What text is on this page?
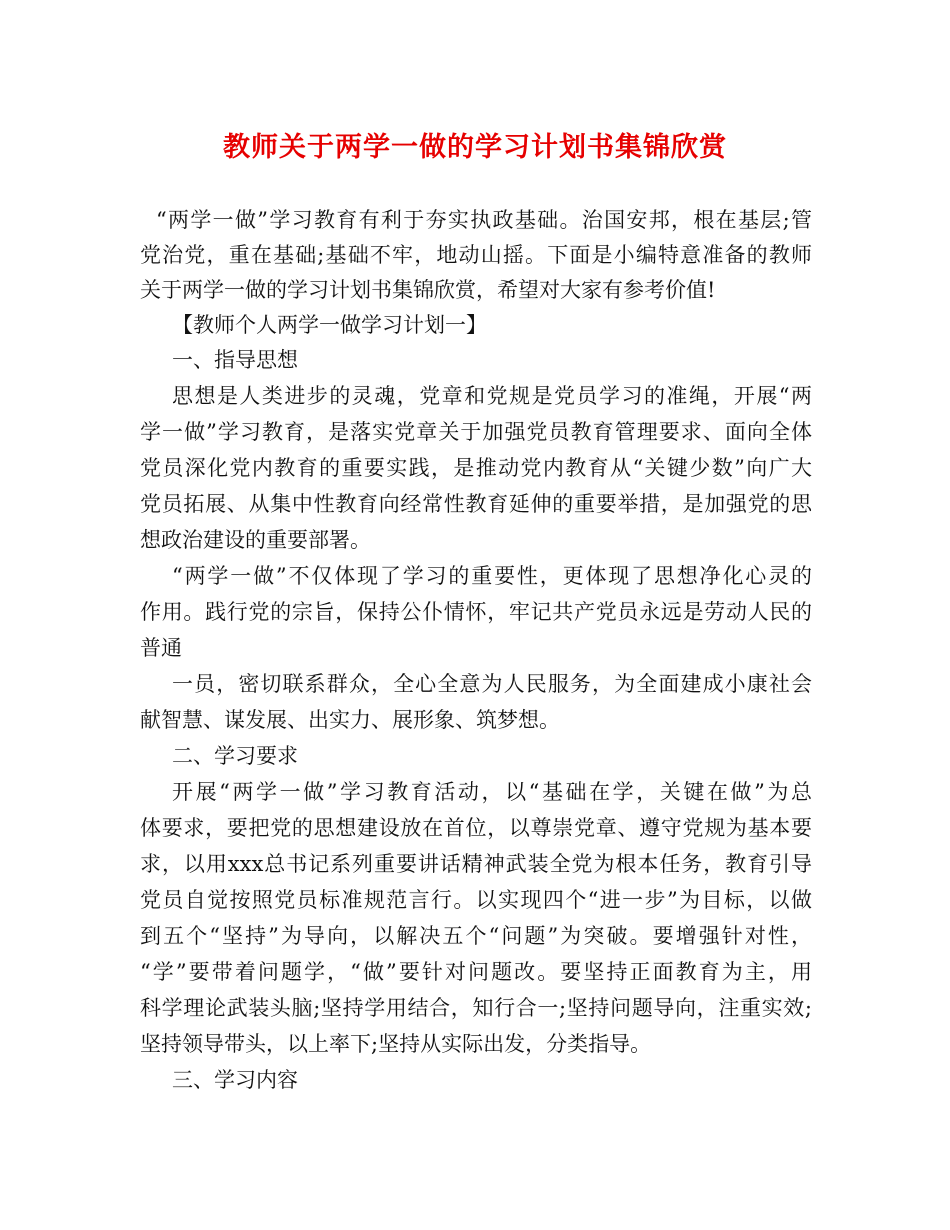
教师关于两学一做的学习计划书集锦欣赏
“两学一做”学习教育有利于夯实执政基础。治国安邦，根在基层;管
党治党，重在基础;基础不牢，地动山摇。下面是小编特意准备的教师
关于两学一做的学习计划书集锦欣赏，希望对大家有参考价值!
【教师个人两学一做学习计划一】
一、指导思想
思想是人类进步的灵魂，党章和党规是党员学习的准绳，开展“两
学一做”学习教育，是落实党章关于加强党员教育管理要求、面向全体
党员深化党内教育的重要实践，是推动党内教育从“关键少数”向广大
党员拓展、从集中性教育向经常性教育延伸的重要举措，是加强党的思
想政治建设的重要部署。
“两学一做”不仅体现了学习的重要性，更体现了思想净化心灵的
作用。践行党的宗旨，保持公仆情怀，牢记共产党员永远是劳动人民的
普通
一员，密切联系群众，全心全意为人民服务，为全面建成小康社会
献智慧、谋发展、出实力、展形象、筑梦想。
二、学习要求
开展“两学一做”学习教育活动，以“基础在学，关键在做”为总
体要求，要把党的思想建设放在首位，以尊崇党章、遵守党规为基本要
求，以用xxx总书记系列重要讲话精神武装全党为根本任务，教育引导
党员自觉按照党员标准规范言行。以实现四个“进一步”为目标，以做
到五个“坚持”为导向，以解决五个“问题”为突破。要增强针对性，
“学”要带着问题学，“做”要针对问题改。要坚持正面教育为主，用
科学理论武装头脑;坚持学用结合，知行合一;坚持问题导向，注重实效;
坚持领导带头，以上率下;坚持从实际出发，分类指导。
三、学习内容
